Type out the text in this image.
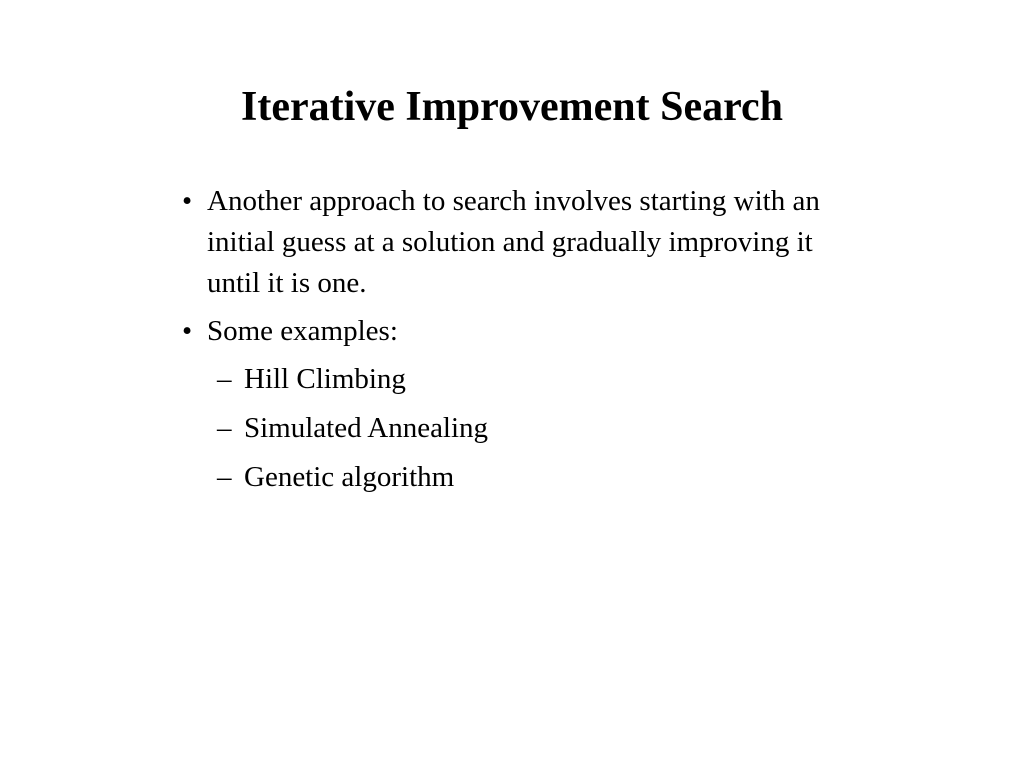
Iterative Improvement Search
• Another approach to search involves starting with an initial guess at a solution and gradually improving it until it is one.
• Some examples:
– Hill Climbing
– Simulated Annealing
– Genetic algorithm
